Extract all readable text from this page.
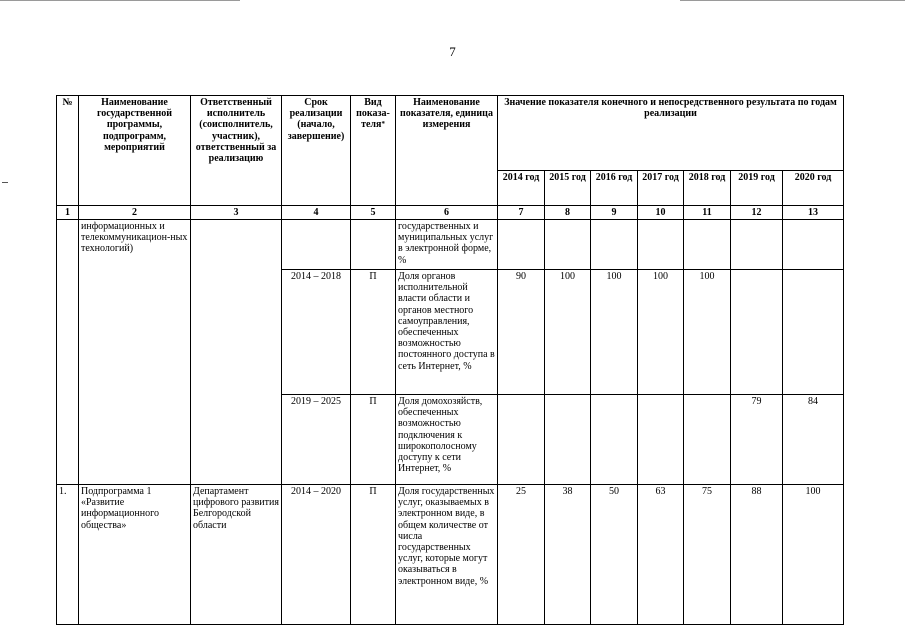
7
№	Наименование государственной программы, подпрограмм, мероприятий	Ответственный исполнитель (соисполнитель, участник), ответственный за реализацию	Срок реализации (начало, завершение)	Вид показа-теля*	Наименование показателя, единица измерения	Значение показателя конечного и непосредственного результата по годам реализации						
						2014 год	2015 год	2016 год	2017 год	2018 год	2019 год	2020 год
1	2	3	4	5	6	7	8	9	10	11	12	13
	информационных и телекоммуникацион-ных технологий)				государственных и муниципальных услуг в электронной форме, %							
			2014 – 2018	П	Доля органов исполнительной власти области и органов местного самоуправления, обеспеченных возможностью постоянного доступа в сеть Интернет, %	90	100	100	100	100		
			2019 – 2025	П	Доля домохозяйств, обеспеченных возможностью подключения к широкополосному доступу к сети Интернет, %						79	84
1.	Подпрограмма 1 «Развитие информационного общества»	Департамент цифрового развития Белгородской области	2014 – 2020	П	Доля государственных услуг, оказываемых в электронном виде, в общем количестве от числа государственных услуг, которые могут оказываться в электронном виде, %	25	38	50	63	75	88	100
